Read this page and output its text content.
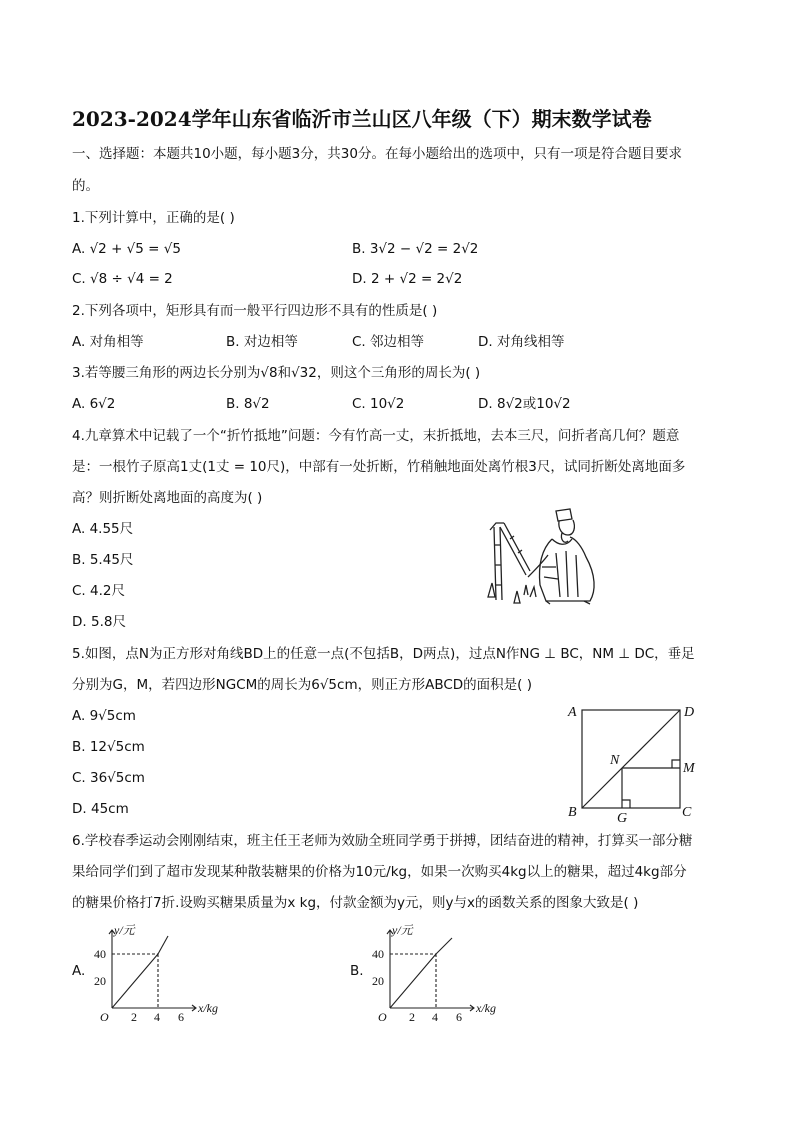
2023-2024学年山东省临沂市兰山区八年级（下）期末数学试卷
一、选择题：本题共10小题，每小题3分，共30分。在每小题给出的选项中，只有一项是符合题目要求
的。
1.下列计算中，正确的是( )
A. √2 + √5 = √5	B. 3√2 − √2 = 2√2
C. √8 ÷ √4 = 2	D. 2 + √2 = 2√2
2.下列各项中，矩形具有而一般平行四边形不具有的性质是( )
A. 对角相等	B. 对边相等	C. 邻边相等	D. 对角线相等
3.若等腰三角形的两边长分别为√8和√32，则这个三角形的周长为( )
A. 6√2	B. 8√2	C. 10√2	D. 8√2或10√2
4.九章算术中记载了一个“折竹抵地”问题：今有竹高一丈，末折抵地，去本三尺，问折者高几何？题意
是：一根竹子原高1丈(1丈 = 10尺)，中部有一处折断，竹稍触地面处离竹根3尺，试同折断处离地面多
高？则折断处离地面的高度为( )
A. 4.55尺
B. 5.45尺
C. 4.2尺
D. 5.8尺
5.如图，点N为正方形对角线BD上的任意一点(不包括B，D两点)，过点N作NG ⊥ BC，NM ⊥ DC，垂足
分别为G，M，若四边形NGCM的周长为6√5cm，则正方形ABCD的面积是( )
A. 9√5cm
B. 12√5cm
C. 36√5cm
D. 45cm
A	D
B	C
N
M
G
6.学校春季运动会刚刚结束，班主任王老师为效励全班同学勇于拼搏，团结奋进的精神，打算买一部分糖
果给同学们到了超市发现某种散装糖果的价格为10元/kg，如果一次购买4kg以上的糖果，超过4kg部分
的糖果价格打7折.设购买糖果质量为x kg，付款金额为y元，则y与x的函数关系的图象大致是( )
A.
y/元
x/kg
O 2 4 6
20
40
B.
y/元
x/kg
O 2 4 6
20
40
